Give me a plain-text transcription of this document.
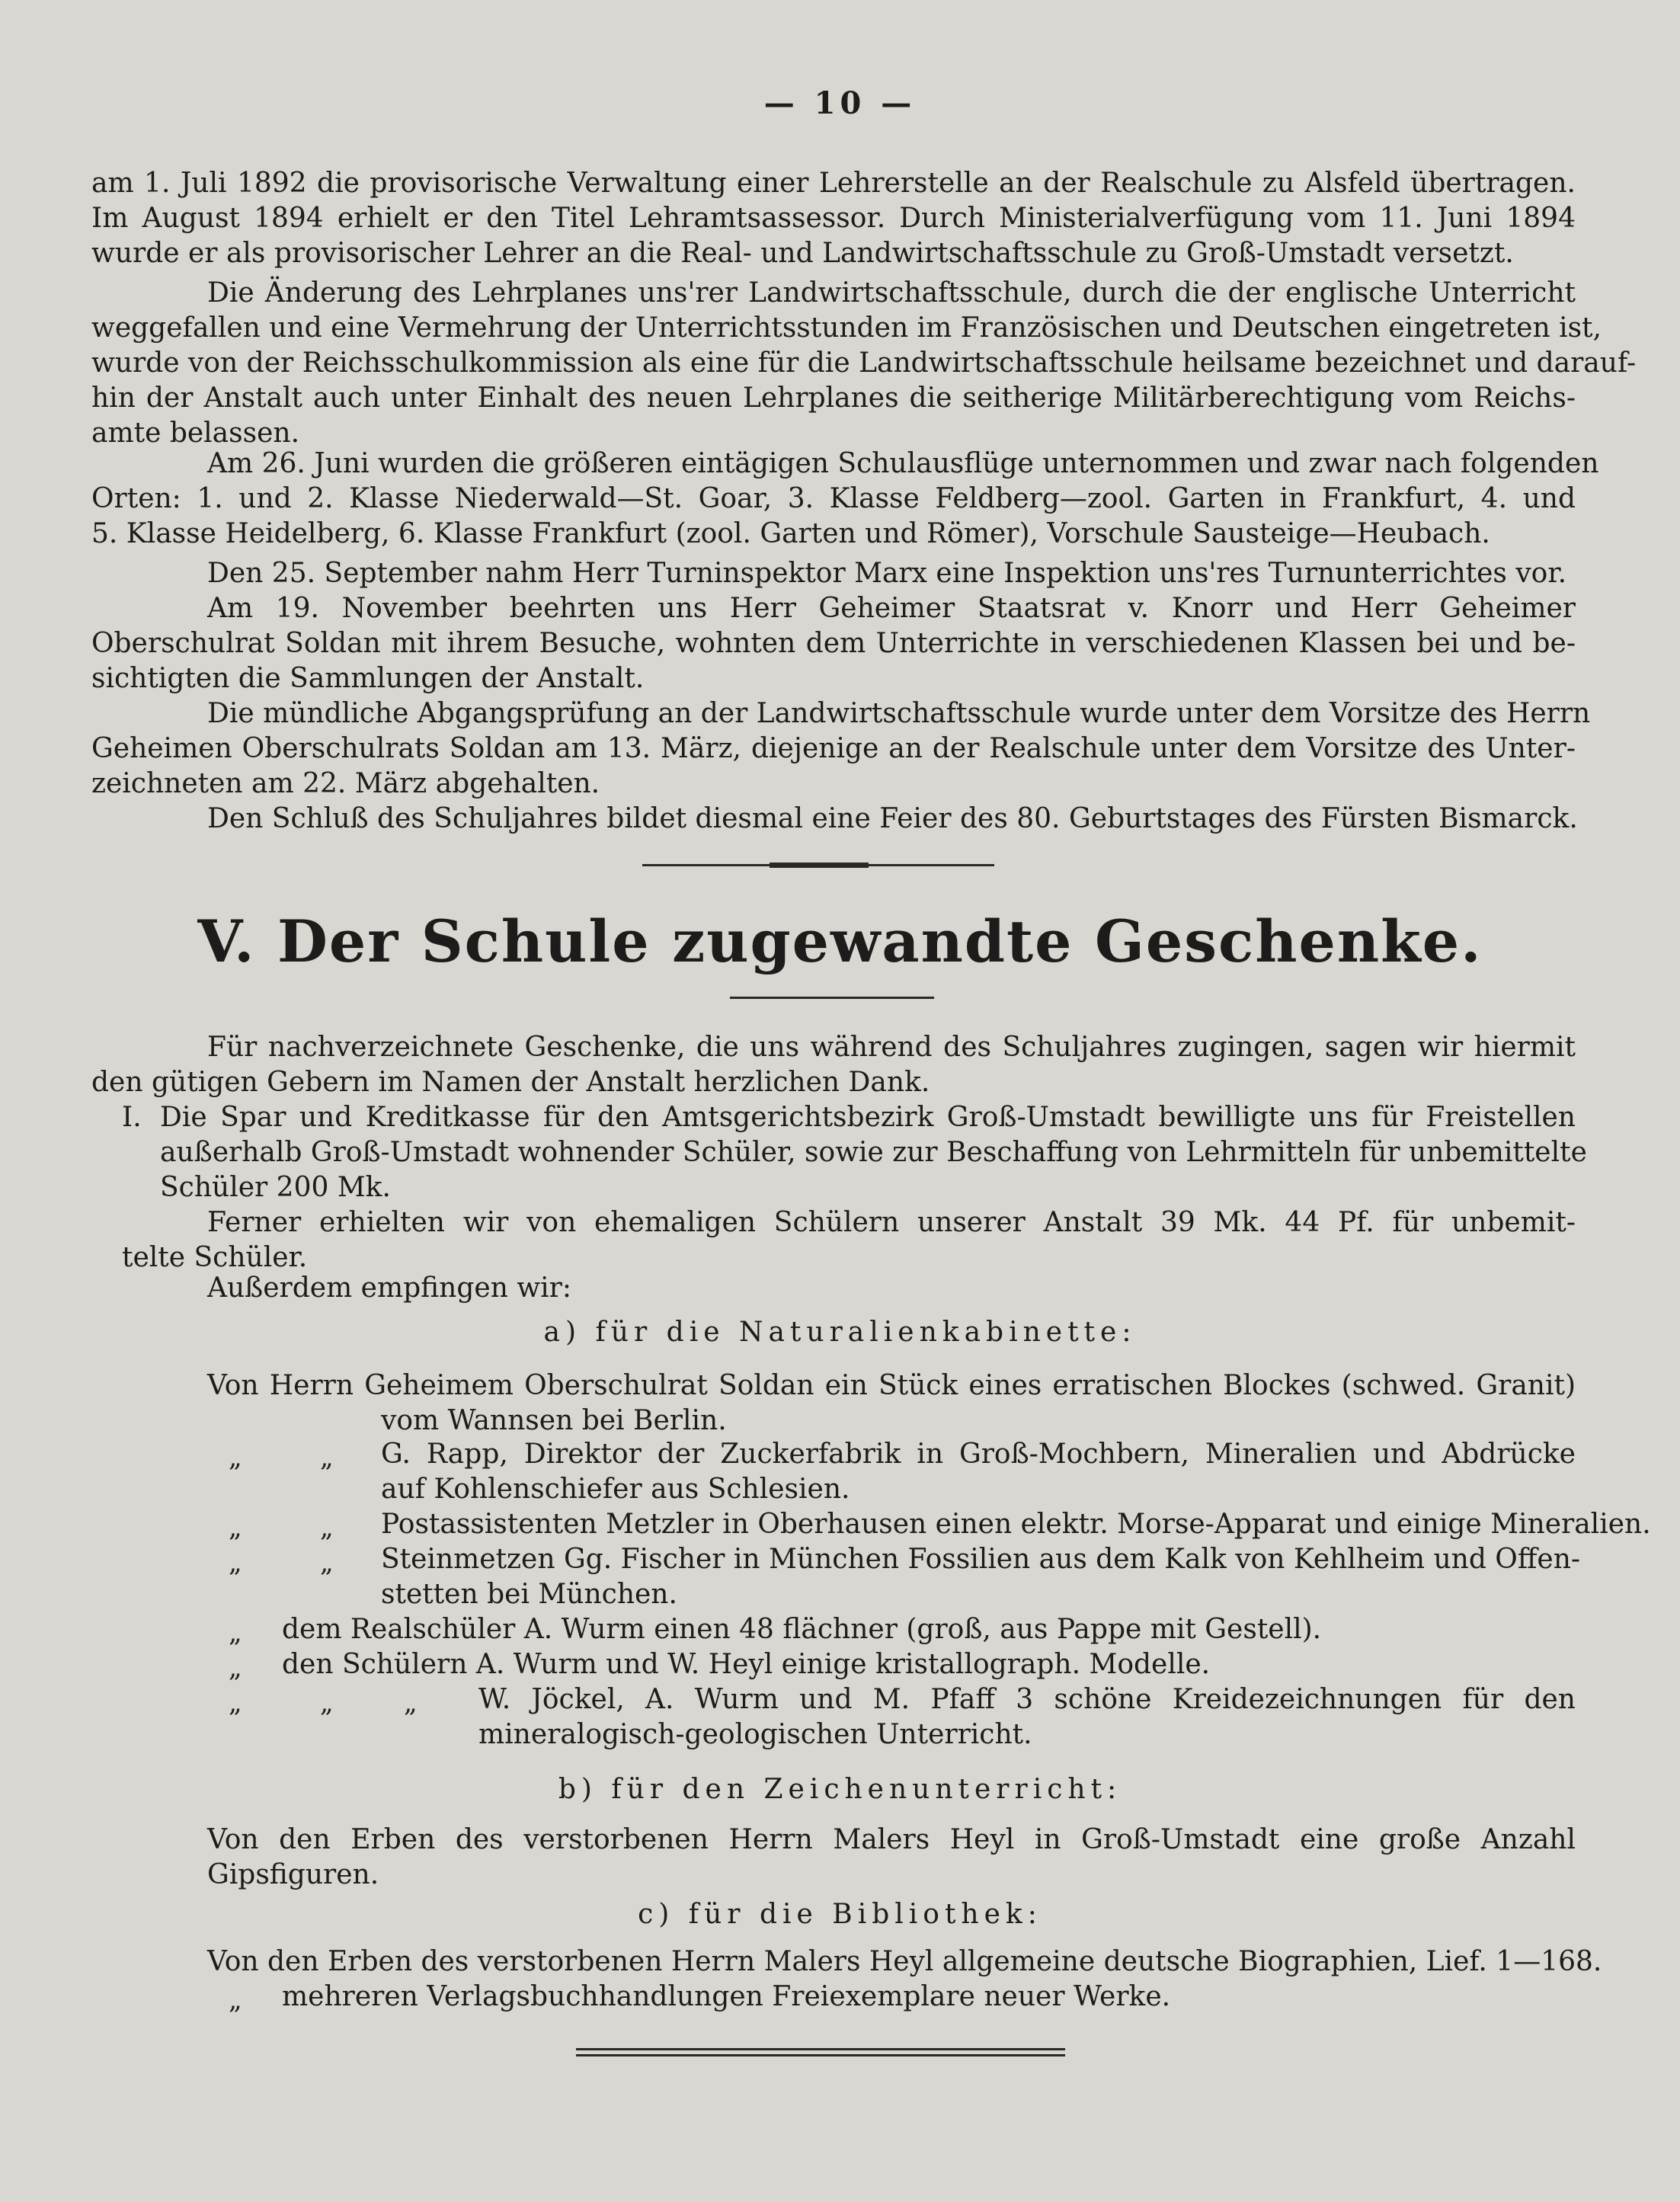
— 10 —
am 1. Juli 1892 die provisorische Verwaltung einer Lehrerstelle an der Realschule zu Alsfeld übertragen.
Im August 1894 erhielt er den Titel Lehramtsassessor. Durch Ministerialverfügung vom 11. Juni 1894
wurde er als provisorischer Lehrer an die Real- und Landwirtschaftsschule zu Groß-Umstadt versetzt.
Die Änderung des Lehrplanes uns'rer Landwirtschaftsschule, durch die der englische Unterricht
weggefallen und eine Vermehrung der Unterrichtsstunden im Französischen und Deutschen eingetreten ist,
wurde von der Reichsschulkommission als eine für die Landwirtschaftsschule heilsame bezeichnet und darauf-
hin der Anstalt auch unter Einhalt des neuen Lehrplanes die seitherige Militärberechtigung vom Reichs-
amte belassen.
Am 26. Juni wurden die größeren eintägigen Schulausflüge unternommen und zwar nach folgenden
Orten: 1. und 2. Klasse Niederwald—St. Goar, 3. Klasse Feldberg—zool. Garten in Frankfurt, 4. und
5. Klasse Heidelberg, 6. Klasse Frankfurt (zool. Garten und Römer), Vorschule Sausteige—Heubach.
Den 25. September nahm Herr Turninspektor Marx eine Inspektion uns'res Turnunterrichtes vor.
Am 19. November beehrten uns Herr Geheimer Staatsrat v. Knorr und Herr Geheimer
Oberschulrat Soldan mit ihrem Besuche, wohnten dem Unterrichte in verschiedenen Klassen bei und be-
sichtigten die Sammlungen der Anstalt.
Die mündliche Abgangsprüfung an der Landwirtschaftsschule wurde unter dem Vorsitze des Herrn
Geheimen Oberschulrats Soldan am 13. März, diejenige an der Realschule unter dem Vorsitze des Unter-
zeichneten am 22. März abgehalten.
Den Schluß des Schuljahres bildet diesmal eine Feier des 80. Geburtstages des Fürsten Bismarck.
V. Der Schule zugewandte Geschenke.
Für nachverzeichnete Geschenke, die uns während des Schuljahres zugingen, sagen wir hiermit
den gütigen Gebern im Namen der Anstalt herzlichen Dank.
I. Die Spar und Kreditkasse für den Amtsgerichtsbezirk Groß-Umstadt bewilligte uns für Freistellen
außerhalb Groß-Umstadt wohnender Schüler, sowie zur Beschaffung von Lehrmitteln für unbemittelte
Schüler 200 Mk.
Ferner erhielten wir von ehemaligen Schülern unserer Anstalt 39 Mk. 44 Pf. für unbemit-
telte Schüler.
Außerdem empfingen wir:
a) für die Naturalienkabinette:
Von Herrn Geheimem Oberschulrat Soldan ein Stück eines erratischen Blockes (schwed. Granit)
vom Wannsen bei Berlin.
„	„ G. Rapp, Direktor der Zuckerfabrik in Groß-Mochbern, Mineralien und Abdrücke
auf Kohlenschiefer aus Schlesien.
„	„ Postassistenten Metzler in Oberhausen einen elektr. Morse-Apparat und einige Mineralien.
„	„ Steinmetzen Gg. Fischer in München Fossilien aus dem Kalk von Kehlheim und Offen-
stetten bei München.
„ dem Realschüler A. Wurm einen 48 flächner (groß, aus Pappe mit Gestell).
„ den Schülern A. Wurm und W. Heyl einige kristallograph. Modelle.
„	„	„ W. Jöckel, A. Wurm und M. Pfaff 3 schöne Kreidezeichnungen für den
mineralogisch-geologischen Unterricht.
b) für den Zeichenunterricht:
Von den Erben des verstorbenen Herrn Malers Heyl in Groß-Umstadt eine große Anzahl
Gipsfiguren.
c) für die Bibliothek:
Von den Erben des verstorbenen Herrn Malers Heyl allgemeine deutsche Biographien, Lief. 1—168.
„ mehreren Verlagsbuchhandlungen Freiexemplare neuer Werke.
